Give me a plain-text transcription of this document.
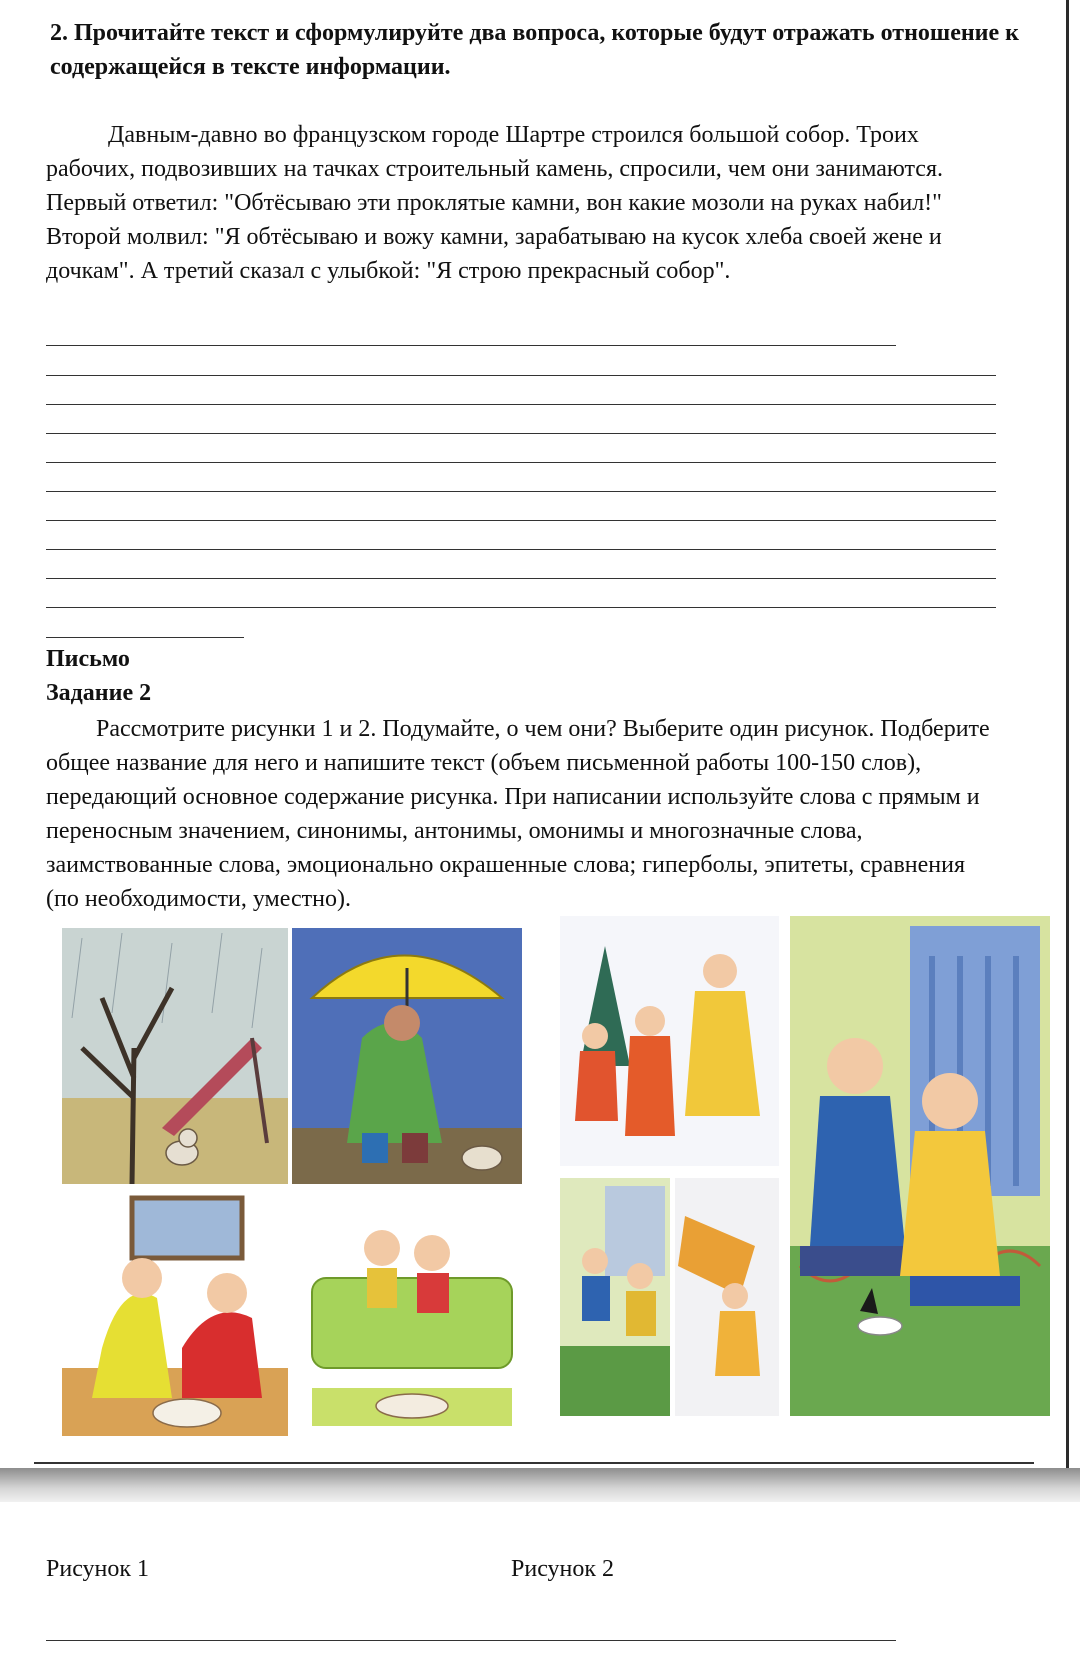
2. Прочитайте текст и сформулируйте два вопроса, которые будут отражать отношение к содержащейся в тексте информации.

Давным-давно во французском городе Шартре строился большой собор. Троих рабочих, подвозивших на тачках строительный камень, спросили, чем они занимаются. Первый ответил: "Обтёсываю эти проклятые камни, вон какие мозоли на руках набил!" Второй молвил: "Я обтёсываю и вожу камни, зарабатываю на кусок хлеба своей жене и дочкам". А третий сказал с улыбкой: "Я строю прекрасный собор".

Письмо

Задание 2

Рассмотрите рисунки 1 и 2. Подумайте, о чем они? Выберите один рисунок. Подберите общее название для него и напишите текст (объем письменной работы 100-150 слов), передающий основное содержание рисунка. При написании используйте слова с прямым и переносным значением, синонимы, антонимы, омонимы и многозначные слова, заимствованные слова, эмоционально окрашенные слова; гиперболы, эпитеты, сравнения (по необходимости, уместно).

Рисунок 1	Рисунок 2
